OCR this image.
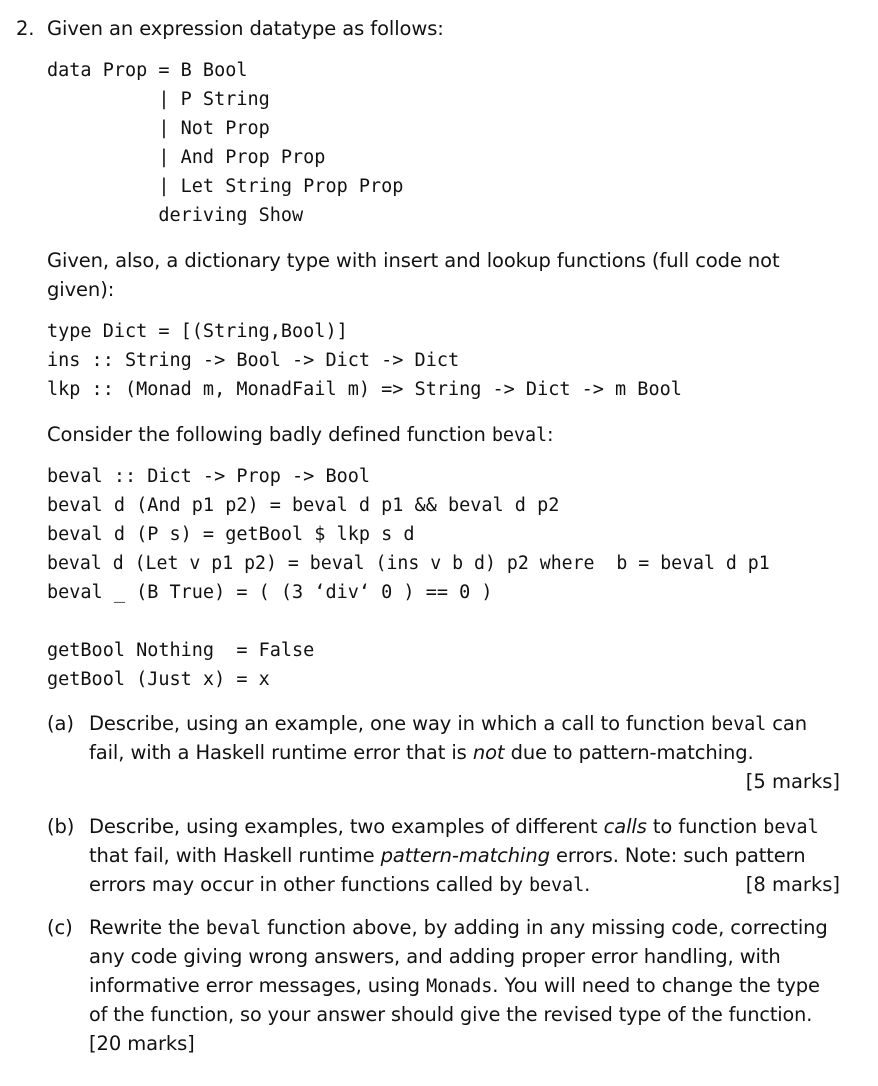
2. Given an expression datatype as follows:
data Prop = B Bool
| P String
| Not Prop
| And Prop Prop
| Let String Prop Prop
deriving Show
Given, also, a dictionary type with insert and lookup functions (full code not
given):
type Dict = [(String,Bool)]
ins :: String -> Bool -> Dict -> Dict
lkp :: (Monad m, MonadFail m) => String -> Dict -> m Bool
Consider the following badly defined function beval:
beval :: Dict -> Prop -> Bool
beval d (And p1 p2) = beval d p1 && beval d p2
beval d (P s) = getBool $ lkp s d
beval d (Let v p1 p2) = beval (ins v b d) p2 where  b = beval d p1
beval _ (B True) = ( (3 ‘div‘ 0 ) == 0 )
getBool Nothing  = False
getBool (Just x) = x
(a) Describe, using an example, one way in which a call to function beval can
fail, with a Haskell runtime error that is not due to pattern-matching.
[5 marks]
(b) Describe, using examples, two examples of different calls to function beval
that fail, with Haskell runtime pattern-matching errors. Note: such pattern
errors may occur in other functions called by beval.	[8 marks]
(c) Rewrite the beval function above, by adding in any missing code, correcting
any code giving wrong answers, and adding proper error handling, with
informative error messages, using Monads. You will need to change the type
of the function, so your answer should give the revised type of the function.
[20 marks]
